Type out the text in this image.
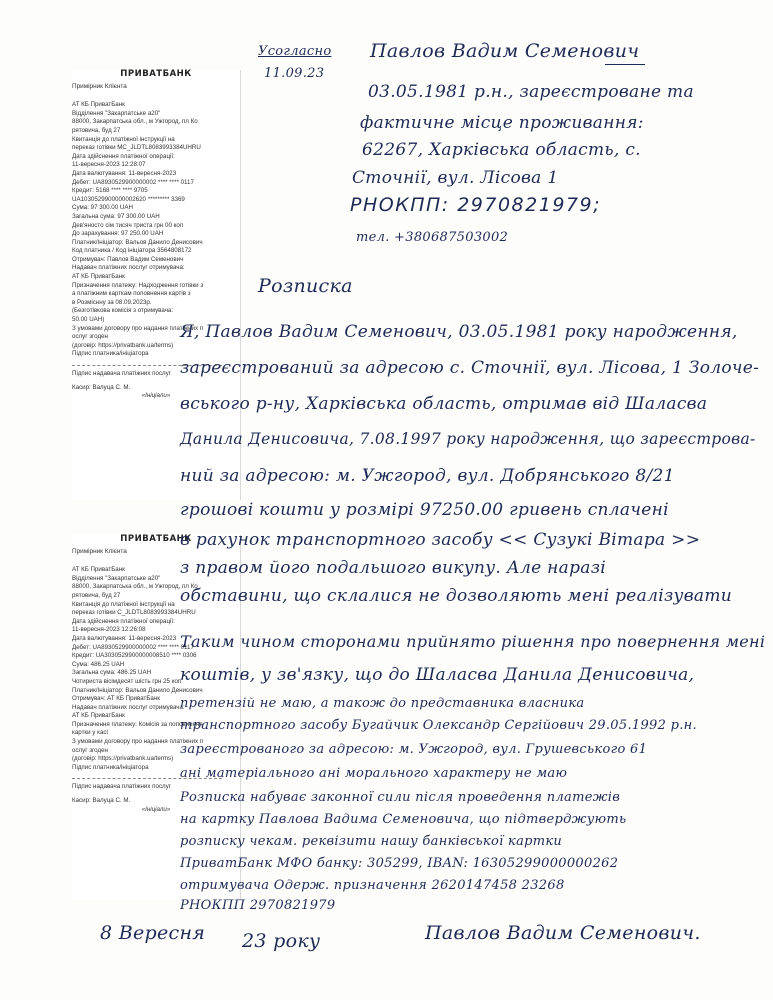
ПРИВАТБАНК
Примірник Клієнта
АТ КБ ПриватБанк
Відділення "Закарпатське а20"
88000, Закарпатська обл., м Ужгород, пл Ко
рятовича, буд 27
Квитанція до платіжної інструкції на
переказ готівки MC_JLDTL8083993384UHRU
Дата здійснення платіжної операції:
11-вересня-2023 12:28:07
Дата валютування: 11-вересня-2023
Дебет: UA8930529900000002 **** **** 0117
Кредит: 5168 **** **** 9705
UA1030529900000002620 ********* 3369
Сума: 97 300.00 UAH
Загальна сума: 97 300.00 UAH
Дев'яносто сім тисяч триста грн 00 коп
До зарахування: 97 250.00 UAH
Платник/Ініціатор: Вальов Данило Денисович
Код платника / Код ініціатора 3564808172
Отримувач: Павлов Вадим Семенович
Надавач платіжних послуг отримувача:
АТ КБ ПриватБанк
Призначення платежу: Надходження готівки з
а платіжним карткам поповнення картів з
в Розміснну за 08.09.2023р.
(Безготівкова комісія з отримувача:
50.00 UAH)
З умовами договору про надання платіжних п
ослуг згоден
(договір: https://privatbank.ua/terms)
Підпис платника/ініціатора
Підпис надавача платіжних послуг
Касир: Валуца С. М.
«Ініціали»
ПРИВАТБАНК
Примірник Клієнта
АТ КБ ПриватБанк
Відділення "Закарпатське а20"
88000, Закарпатська обл., м Ужгород, пл Ко
рятовича, буд 27
Квитанція до платіжної інструкції на
переказ готівки C_JLDTL8083993384UHRU
Дата здійснення платіжної операції:
11-вересня-2023 12:26:08
Дата валютування: 11-вересня-2023
Дебет: UA8930529900000002 **** **** 0117
Кредит: UA3030529900000008510 **** 0306
Сума: 486.25 UAH
Загальна сума: 486.25 UAH
Чотириста вісімдесят шість грн 25 коп
Платник/Ініціатор: Вальов Данило Денисович
Отримувач: АТ КБ ПриватБанк
Надавач платіжних послуг отримувача:
АТ КБ ПриватБанк
Призначення платежу: Комісія за поповнення
картки у касі
З умовами договору про надання платіжних п
ослуг згоден
(договір: https://privatbank.ua/terms)
Підпис платника/ініціатора
Підпис надавача платіжних послуг
Касир: Валуца С. М.
«Ініціали»
Усогласно
11.09.23
Павлов Вадим Семенович
03.05.1981 р.н., зареєстроване та
фактичне місце проживання:
62267, Харківська область, с.
Сточнії, вул. Лісова 1
РНОКПП: 2970821979;
тел. +380687503002
Розписка
Я, Павлов Вадим Семенович, 03.05.1981 року народження,
зареєстрований за адресою с. Сточнії, вул. Лісова, 1 Золоче-
вського р-ну, Харківська область, отримав від Шаласва
Данила Денисовича, 7.08.1997 року народження, що зареєстрова-
ний за адресою: м. Ужгород, вул. Добрянського 8/21
грошові кошти у розмірі 97250.00 гривень сплачені
в рахунок транспортного засобу << Сузукі Вітара >>
з правом його подальшого викупу. Але наразі
обставини, що склалися не дозволяють мені реалізувати
Таким чином сторонами прийнято рішення про повернення мені
коштів, у зв'язку, що до Шаласва Данила Денисовича,
претензій не маю, а також до представника власника
транспортного засобу Бугайчик Олександр Сергійович 29.05.1992 р.н.
зареєстрованого за адресою: м. Ужгород, вул. Грушевського 61
ані матеріального ані морального характеру не маю
Розписка набуває законної сили після проведення платежів
на картку Павлова Вадима Семеновича, що підтверджують
розписку чекам. реквізити нашу банківської картки
ПриватБанк МФО банку: 305299, IBAN: 16305299000000262
отримувача Одерж. призначення 2620147458 23268
РНОКПП 2970821979
8 Вересня 23 року	Павлов Вадим Семенович.
